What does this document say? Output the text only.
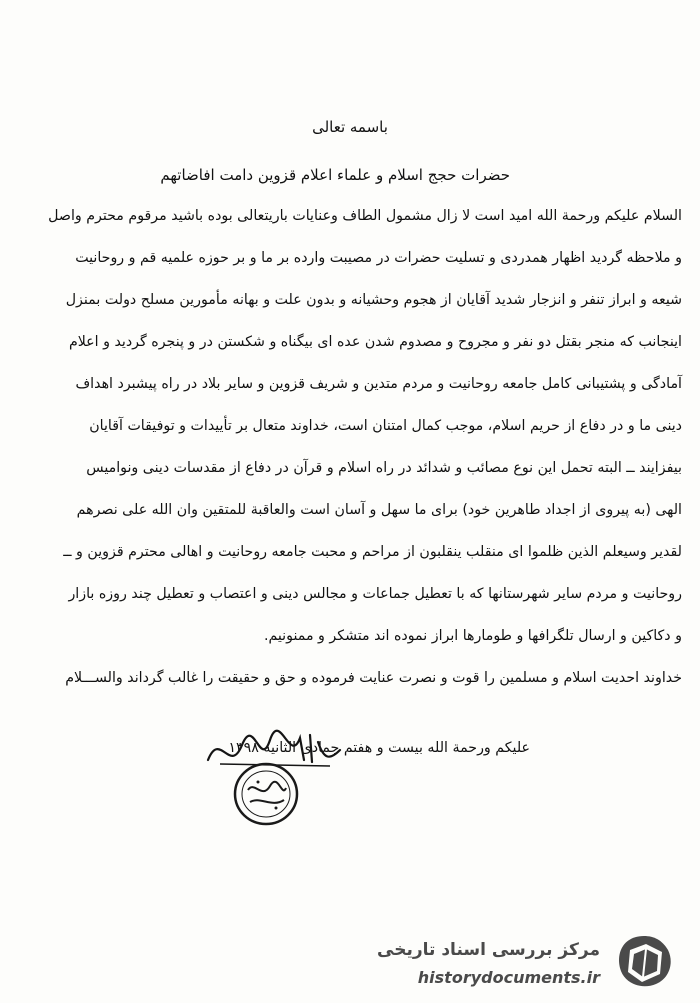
باسمه تعالی
حضرات حجج اسلام و علماء اعلام قزوین دامت افاضاتهم
السلام علیکم ورحمة الله امید است لا زال مشمول الطاف وعنایات باریتعالی بوده باشید مرقوم محترم واصل
و ملاحظه گردید اظهار همدردی و تسلیت حضرات در مصیبت وارده بر ما و بر حوزه علمیه قم و روحانیت
شیعه و ابراز تنفر و انزجار شدید آقایان از هجوم وحشیانه و بدون علت و بهانه مأمورین مسلح دولت بمنزل
اینجانب که منجر بقتل دو نفر و مجروح و مصدوم شدن عده ای بیگناه و شکستن در و پنجره گردید و اعلام
آمادگی و پشتیبانی کامل جامعه روحانیت و مردم متدین و شریف قزوین و سایر بلاد در راه پیشبرد اهداف
دینی ما و در دفاع از حریم اسلام، موجب کمال امتنان است، خداوند متعال بر تأییدات و توفیقات آقایان
بیفزایند ــ البته تحمل این نوع مصائب و شدائد در راه اسلام و قرآن در دفاع از مقدسات دینی ونوامیس
الهی (به پیروی از اجداد طاهرین خود) برای ما سهل و آسان است والعاقبة للمتقین وان الله علی نصرهم
لقدیر وسیعلم الذین ظلموا ای منقلب ینقلبون از مراحم و محبت جامعه روحانیت و اهالی محترم قزوین و ــ
روحانیت و مردم سایر شهرستانها که با تعطیل جماعات و مجالس دینی و اعتصاب و تعطیل چند روزه بازار
و دکاکین و ارسال تلگرافها و طومارها ابراز نموده اند متشکر و ممنونیم.
خداوند احدیت اسلام و مسلمین را قوت و نصرت عنایت فرموده و حق و حقیقت را غالب گرداند والســـلام
علیکم ورحمة الله بیست و هفتم جمادی الثانیه ۱۳۹۸
مرکز بررسی اسناد تاریخی
historydocuments.ir
